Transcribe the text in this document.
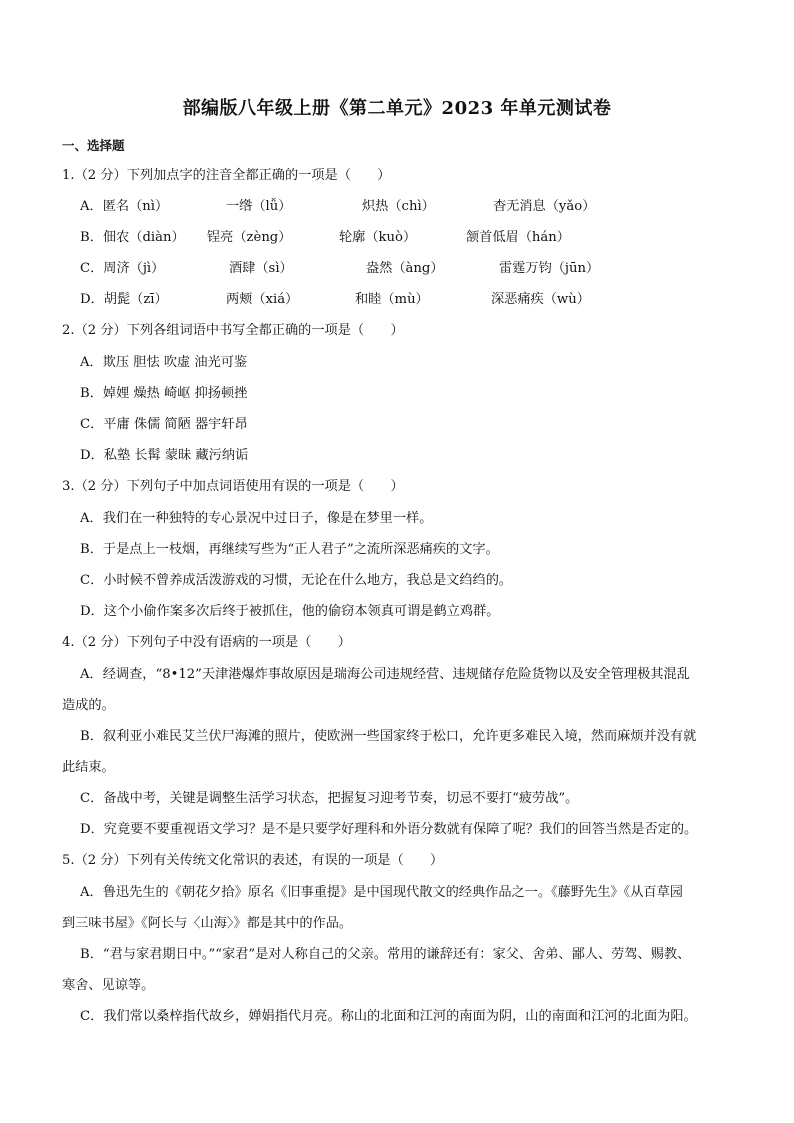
部编版八年级上册《第二单元》2023 年单元测试卷
一、选择题
1.（2 分）下列加点字的注音全都正确的一项是（　　）
A．匿名（nì）	一绺（lǚ）	炽热（chì）	杳无消息（yǎo）
B．佃农（diàn） 锃亮（zèng）	轮廓（kuò）	颔首低眉（hán）
C．周济（jì）	酒肆（sì）	盎然（àng）	雷霆万钧（jūn）
D．胡髭（zī）	两颊（xiá）	和睦（mù）	深恶痛疾（wù）
2.（2 分）下列各组词语中书写全都正确的一项是（　　）
A．欺压 胆怯 吹虚 油光可鉴
B．婥娌 燥热 崎岖 抑扬顿挫
C．平庸 侏儒 简陋 器宇轩昂
D．私塾 长髯 蒙昧 藏污纳诟
3.（2 分）下列句子中加点词语使用有误的一项是（　　）
A．我们在一种独特的专心景况中过日子，像是在梦里一样。
B．于是点上一枝烟，再继续写些为“正人君子”之流所深恶痛疾的文字。
C．小时候不曾养成活泼游戏的习惯，无论在什么地方，我总是文绉绉的。
D．这个小偷作案多次后终于被抓住，他的偷窃本领真可谓是鹤立鸡群。
4.（2 分）下列句子中没有语病的一项是（　　）
A．经调查，“8•12”天津港爆炸事故原因是瑞海公司违规经营、违规储存危险货物以及安全管理极其混乱
造成的。
B．叙利亚小难民艾兰伏尸海滩的照片，使欧洲一些国家终于松口，允许更多难民入境，然而麻烦并没有就
此结束。
C．备战中考，关键是调整生活学习状态，把握复习迎考节奏，切忌不要打“疲劳战”。
D．究竟要不要重视语文学习？是不是只要学好理科和外语分数就有保障了呢？我们的回答当然是否定的。
5.（2 分）下列有关传统文化常识的表述，有误的一项是（　　）
A．鲁迅先生的《朝花夕拾》原名《旧事重提》是中国现代散文的经典作品之一。《藤野先生》《从百草园
到三味书屋》《阿长与〈山海〉》都是其中的作品。
B．“君与家君期日中。”“家君”是对人称自己的父亲。常用的谦辞还有：家父、舍弟、鄙人、劳驾、赐教、
寒舍、见谅等。
C．我们常以桑梓指代故乡，婵娟指代月亮。称山的北面和江河的南面为阴，山的南面和江河的北面为阳。
